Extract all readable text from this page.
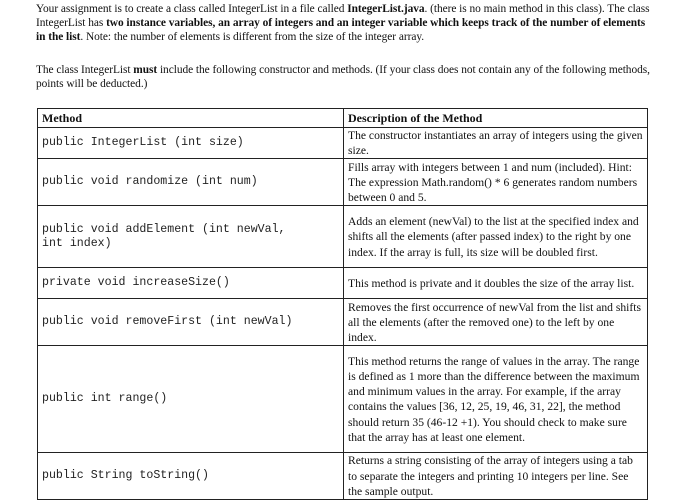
Your assignment is to create a class called IntegerList in a file called IntegerList.java. (there is no main method in this class). The class IntegerList has two instance variables, an array of integers and an integer variable which keeps track of the number of elements in the list. Note: the number of elements is different from the size of the integer array.

The class IntegerList must include the following constructor and methods. (If your class does not contain any of the following methods, points will be deducted.)

Method	Description of the Method
public IntegerList (int size)	The constructor instantiates an array of integers using the given size.
public void randomize (int num)	Fills array with integers between 1 and num (included). Hint: The expression Math.random() * 6 generates random numbers between 0 and 5.
public void addElement (int newVal,
int index)	Adds an element (newVal) to the list at the specified index and shifts all the elements (after passed index) to the right by one index. If the array is full, its size will be doubled first.
private void increaseSize()	This method is private and it doubles the size of the array list.
public void removeFirst (int newVal)	Removes the first occurrence of newVal from the list and shifts all the elements (after the removed one) to the left by one index.
public int range()	This method returns the range of values in the array. The range is defined as 1 more than the difference between the maximum and minimum values in the array. For example, if the array contains the values [36, 12, 25, 19, 46, 31, 22], the method should return 35 (46-12 +1). You should check to make sure that the array has at least one element.
public String toString()	Returns a string consisting of the array of integers using a tab to separate the integers and printing 10 integers per line. See the sample output.
